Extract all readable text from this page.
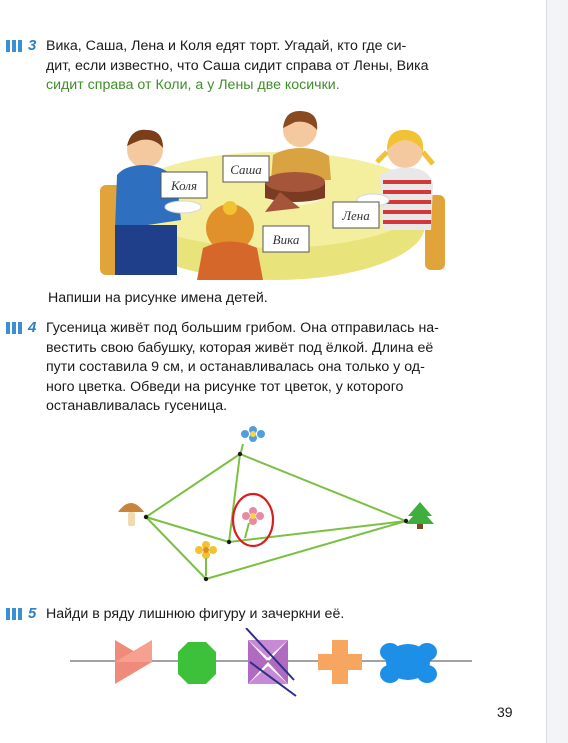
3 Вика, Саша, Лена и Коля едят торт. Угадай, кто где си-

дит, если известно, что Саша сидит справа от Лены, Вика

сидит справа от Коли, а у Лены две косички.

Коля
Саша
Лена
Вика
Напиши на рисунке имена детей.
4 Гусеница живёт под большим грибом. Она отправилась на-

вестить свою бабушку, которая живёт под ёлкой. Длина её

пути составила 9 см, и останавливалась она только у од-

ного цветка. Обведи на рисунке тот цветок, у которого

останавливалась гусеница.

5 Найди в ряду лишнюю фигуру и зачеркни её.
39
